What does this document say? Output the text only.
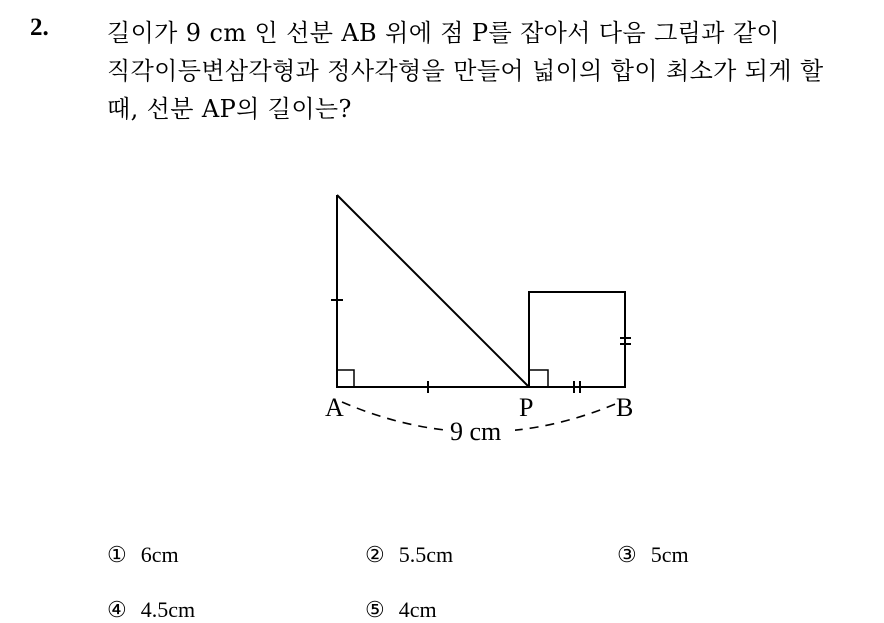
2. 길이가 9 cm 인 선분 AB 위에 점 P를 잡아서 다음 그림과 같이
직각이등변삼각형과 정사각형을 만들어 넓이의 합이 최소가 되게 할
때, 선분 AP의 길이는?
A	P	B
9 cm
① 6cm	② 5.5cm	③ 5cm
④ 4.5cm	⑤ 4cm
